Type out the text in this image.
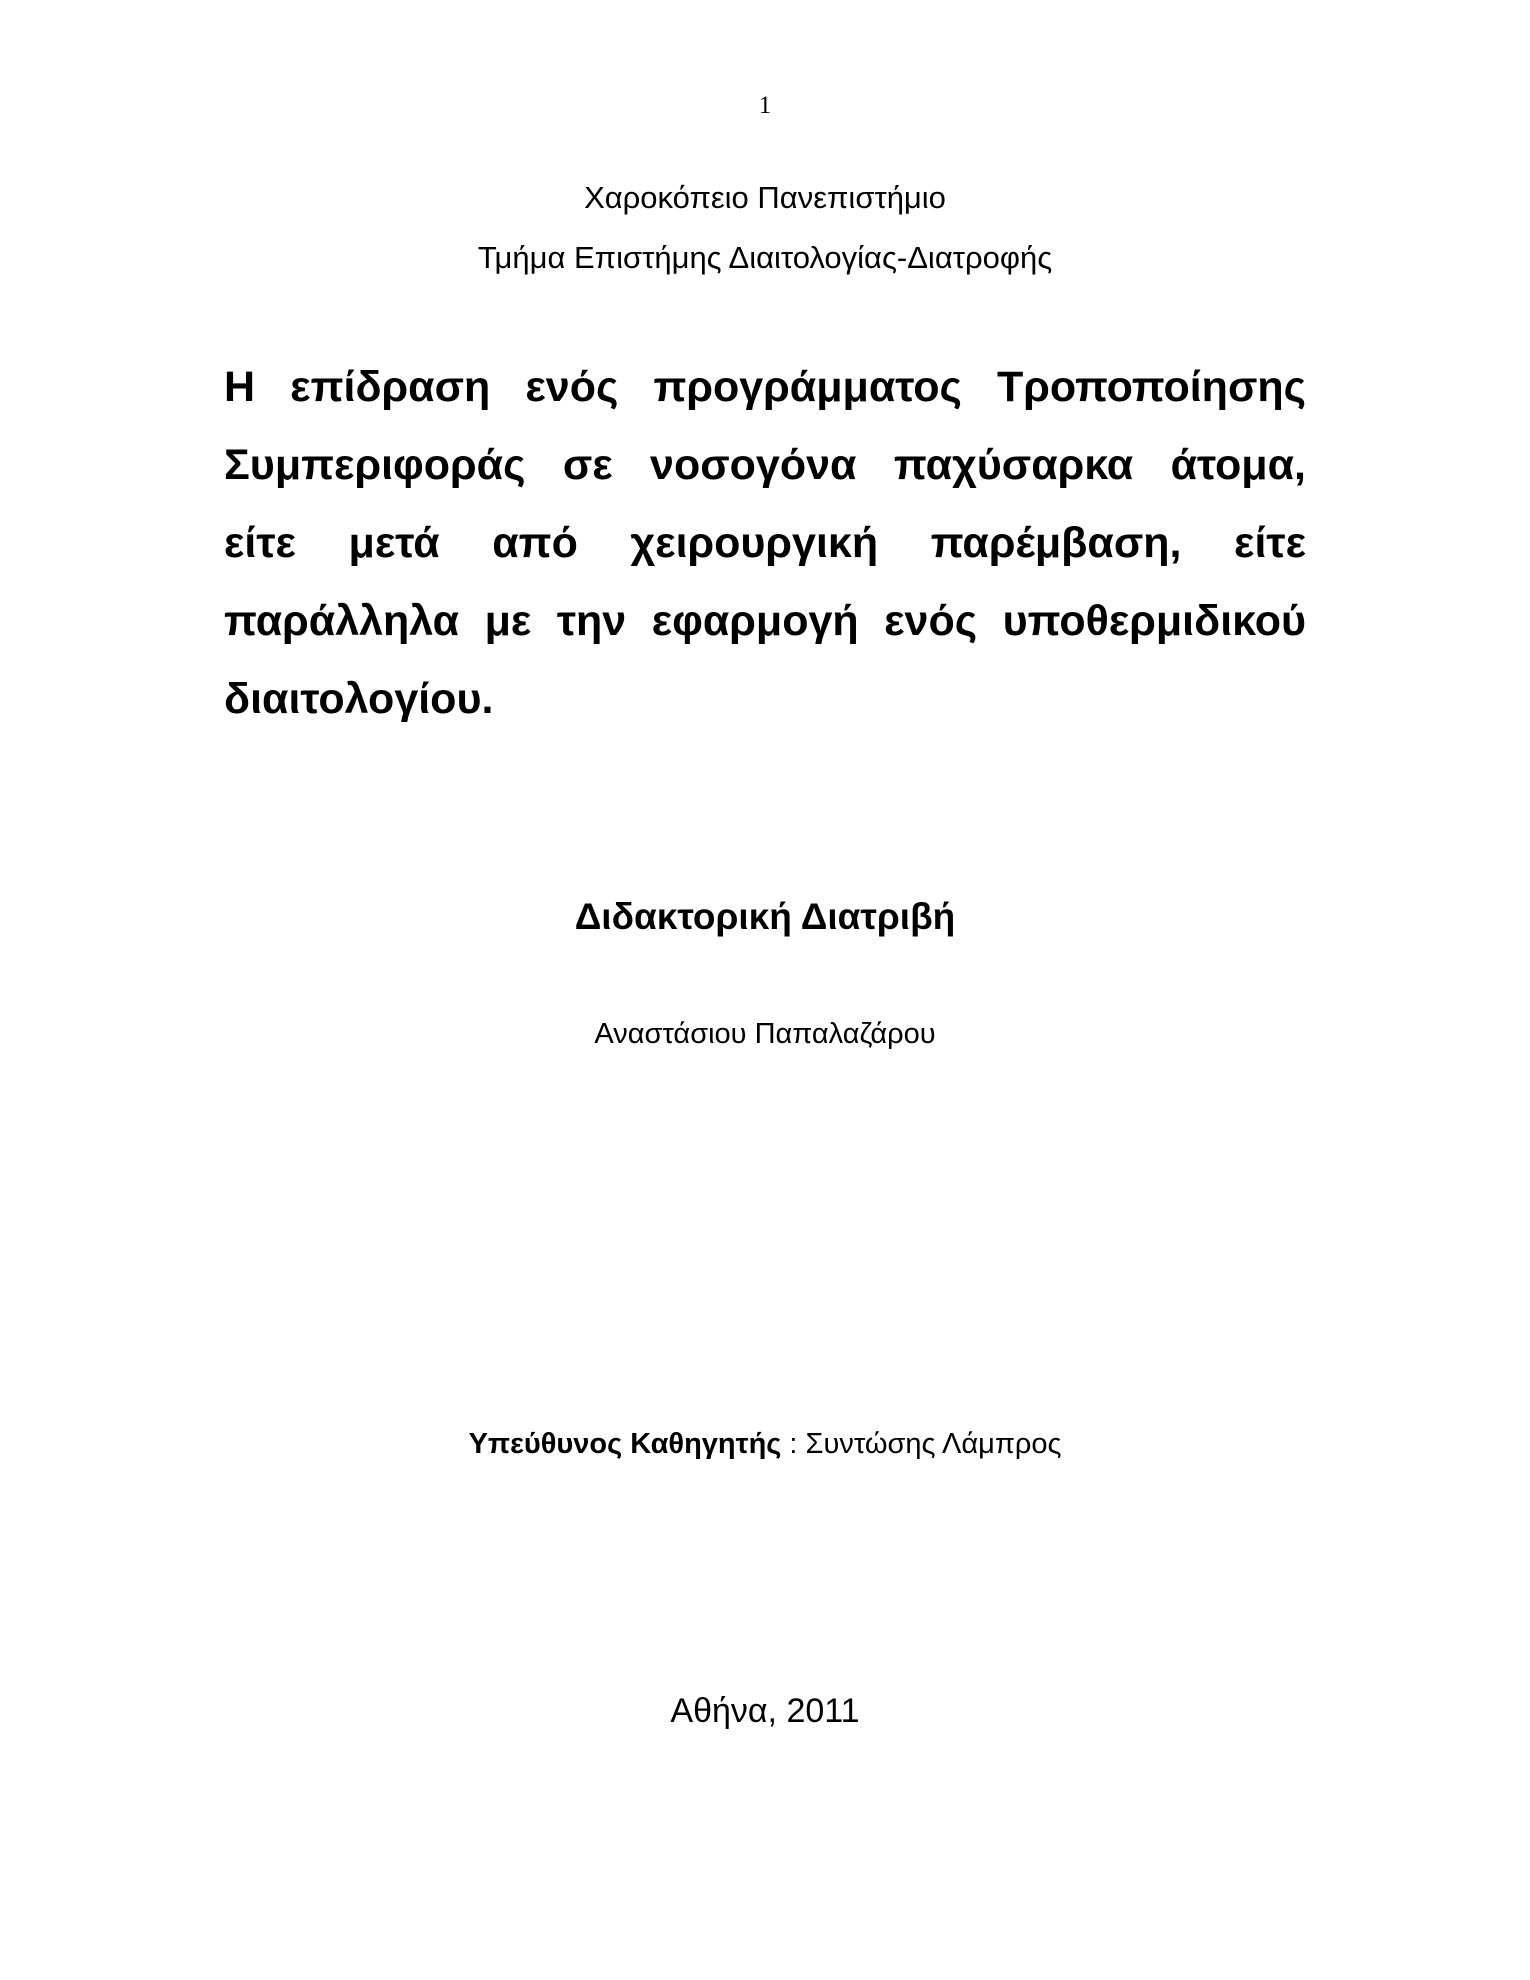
1
Χαροκόπειο Πανεπιστήμιο
Τμήμα Επιστήμης Διαιτολογίας-Διατροφής
Η επίδραση ενός προγράμματος Τροποποίησης
Συμπεριφοράς σε νοσογόνα παχύσαρκα άτομα,
είτε μετά από χειρουργική παρέμβαση, είτε
παράλληλα με την εφαρμογή ενός υποθερμιδικού
διαιτολογίου.
Διδακτορική Διατριβή
Αναστάσιου Παπαλαζάρου
Υπεύθυνος Καθηγητής : Συντώσης Λάμπρος
Αθήνα, 2011
